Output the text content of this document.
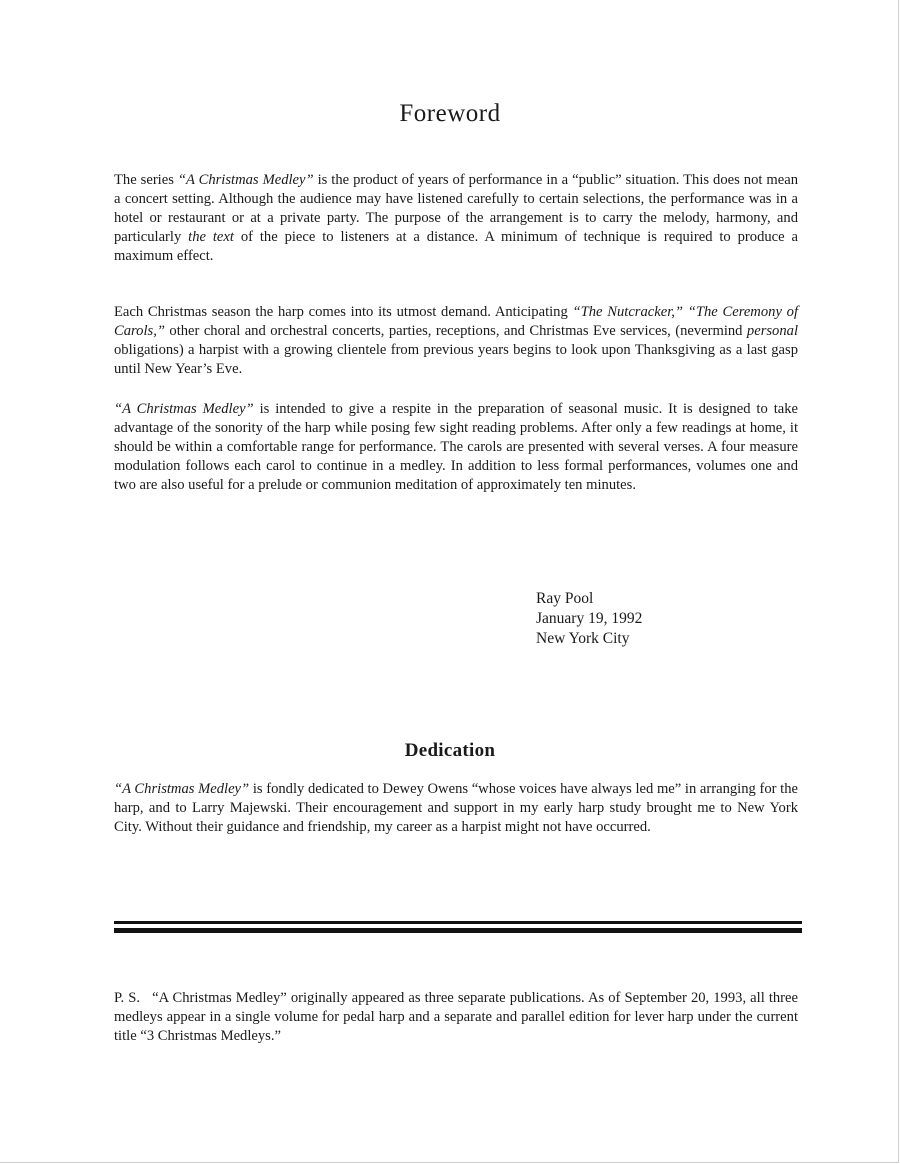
Foreword

The series “A Christmas Medley” is the product of years of performance in a “public” situation. This does not mean a concert setting. Although the audience may have listened carefully to certain selections, the performance was in a hotel or restaurant or at a private party. The purpose of the arrangement is to carry the melody, harmony, and particularly the text of the piece to listeners at a distance. A minimum of technique is required to produce a maximum effect.

Each Christmas season the harp comes into its utmost demand. Anticipating “The Nutcracker,” “The Ceremony of Carols,” other choral and orchestral concerts, parties, receptions, and Christmas Eve services, (nevermind personal obligations) a harpist with a growing clientele from previous years begins to look upon Thanksgiving as a last gasp until New Year’s Eve.

“A Christmas Medley” is intended to give a respite in the preparation of seasonal music. It is designed to take advantage of the sonority of the harp while posing few sight reading problems. After only a few readings at home, it should be within a comfortable range for performance. The carols are presented with several verses. A four measure modulation follows each carol to continue in a medley. In addition to less formal performances, volumes one and two are also useful for a prelude or communion meditation of approximately ten minutes.

Ray Pool
January 19, 1992
New York City
Dedication

“A Christmas Medley” is fondly dedicated to Dewey Owens “whose voices have always led me” in arranging for the harp, and to Larry Majewski. Their encouragement and support in my early harp study brought me to New York City. Without their guidance and friendship, my career as a harpist might not have occurred.

P. S.   “A Christmas Medley” originally appeared as three separate publications. As of September 20, 1993, all three medleys appear in a single volume for pedal harp and a separate and parallel edition for lever harp under the current title “3 Christmas Medleys.”
